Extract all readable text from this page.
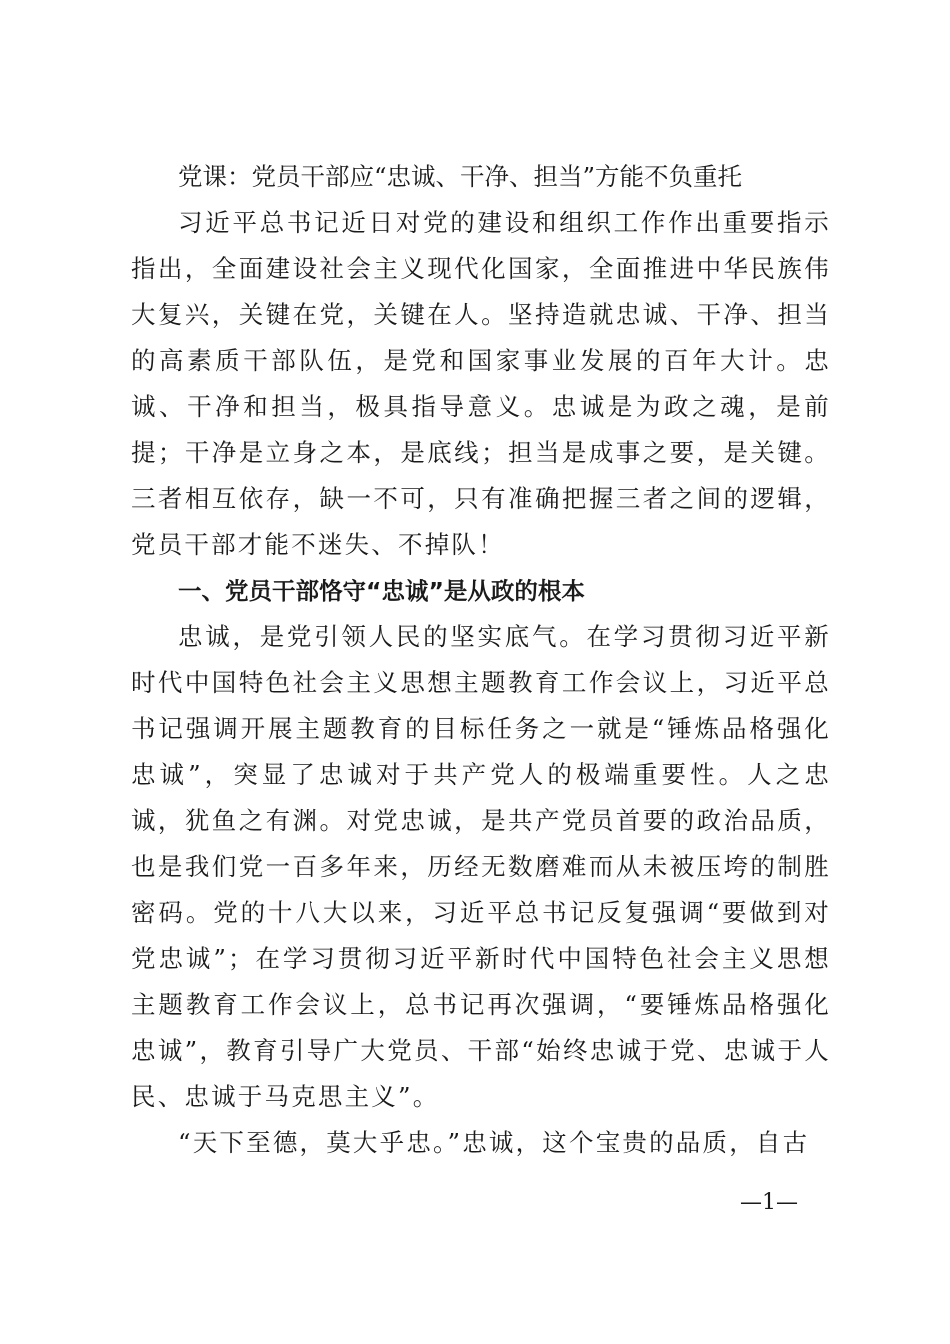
党课：党员干部应“忠诚、干净、担当”方能不负重托

习近平总书记近日对党的建设和组织工作作出重要指示指出，全面建设社会主义现代化国家，全面推进中华民族伟大复兴，关键在党，关键在人。坚持造就忠诚、干净、担当的高素质干部队伍，是党和国家事业发展的百年大计。忠诚、干净和担当，极具指导意义。忠诚是为政之魂，是前提；干净是立身之本，是底线；担当是成事之要，是关键。三者相互依存，缺一不可，只有准确把握三者之间的逻辑，党员干部才能不迷失、不掉队！

一、党员干部恪守“忠诚”是从政的根本

忠诚，是党引领人民的坚实底气。在学习贯彻习近平新时代中国特色社会主义思想主题教育工作会议上，习近平总书记强调开展主题教育的目标任务之一就是“锤炼品格强化忠诚”，突显了忠诚对于共产党人的极端重要性。人之忠诚，犹鱼之有渊。对党忠诚，是共产党员首要的政治品质，也是我们党一百多年来，历经无数磨难而从未被压垮的制胜密码。党的十八大以来，习近平总书记反复强调“要做到对党忠诚”；在学习贯彻习近平新时代中国特色社会主义思想主题教育工作会议上，总书记再次强调，“要锤炼品格强化忠诚”，教育引导广大党员、干部“始终忠诚于党、忠诚于人民、忠诚于马克思主义”。

“天下至德，莫大乎忠。”忠诚，这个宝贵的品质，自古

—1—
